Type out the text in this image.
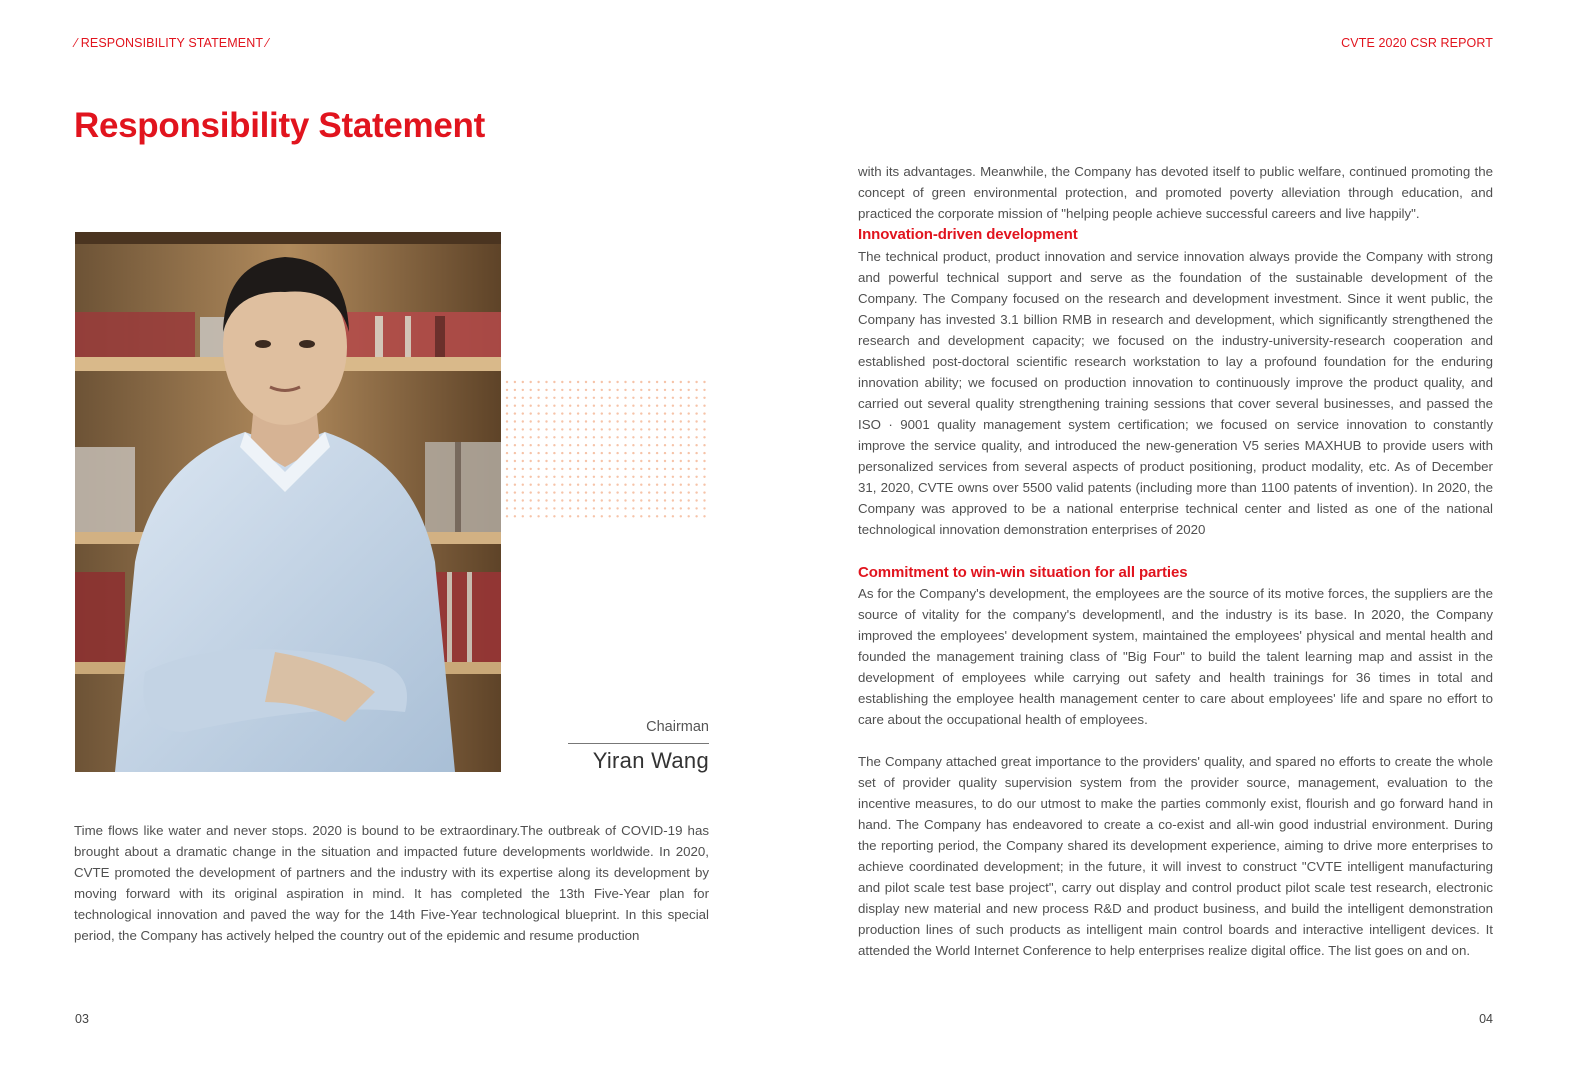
⁄ RESPONSIBILITY STATEMENT ⁄	CVTE 2020 CSR REPORT
Responsibility Statement
Chairman
Yiran Wang

Time flows like water and never stops. 2020 is bound to be extraordinary.The outbreak of COVID-19 has brought about a dramatic change in the situation and impacted future developments worldwide. In 2020, CVTE promoted the development of partners and the industry with its expertise along its development by moving forward with its original aspiration in mind. It has completed the 13th Five-Year plan for technological innovation and paved the way for the 14th Five-Year technological blueprint. In this special period, the Company has actively helped the country out of the epidemic and resume production

with its advantages. Meanwhile, the Company has devoted itself to public welfare, continued promoting the concept of green environmental protection, and promoted poverty alleviation through education, and practiced the corporate mission of "helping people achieve successful careers and live happily".

Innovation-driven development

The technical product, product innovation and service innovation always provide the Company with strong and powerful technical support and serve as the foundation of the sustainable development of the Company. The Company focused on the research and development investment. Since it went public, the Company has invested 3.1 billion RMB in research and development, which significantly strengthened the research and development capacity; we focused on the industry-university-research cooperation and established post-doctoral scientific research workstation to lay a profound foundation for the enduring innovation ability; we focused on production innovation to continuously improve the product quality, and carried out several quality strengthening training sessions that cover several businesses, and passed the ISO · 9001 quality management system certification; we focused on service innovation to constantly improve the service quality, and introduced the new-generation V5 series MAXHUB to provide users with personalized services from several aspects of product positioning, product modality, etc. As of December 31, 2020, CVTE owns over 5500 valid patents (including more than 1100 patents of invention). In 2020, the Company was approved to be a national enterprise technical center and listed as one of the national technological innovation demonstration enterprises of 2020

Commitment to win-win situation for all parties

As for the Company's development, the employees are the source of its motive forces, the suppliers are the source of vitality for the company's developmentl, and the industry is its base. In 2020, the Company improved the employees' development system, maintained the employees' physical and mental health and founded the management training class of "Big Four" to build the talent learning map and assist in the development of employees while carrying out safety and health trainings for 36 times in total and establishing the employee health management center to care about employees' life and spare no effort to care about the occupational health of employees.

The Company attached great importance to the providers' quality, and spared no efforts to create the whole set of provider quality supervision system from the provider source, management, evaluation to the incentive measures, to do our utmost to make the parties commonly exist, flourish and go forward hand in hand. The Company has endeavored to create a co-exist and all-win good industrial environment. During the reporting period, the Company shared its development experience, aiming to drive more enterprises to achieve coordinated development; in the future, it will invest to construct "CVTE intelligent manufacturing and pilot scale test base project", carry out display and control product pilot scale test research, electronic display new material and new process R&D and product business, and build the intelligent demonstration production lines of such products as intelligent main control boards and interactive intelligent devices. It attended the World Internet Conference to help enterprises realize digital office. The list goes on and on.

03	04
